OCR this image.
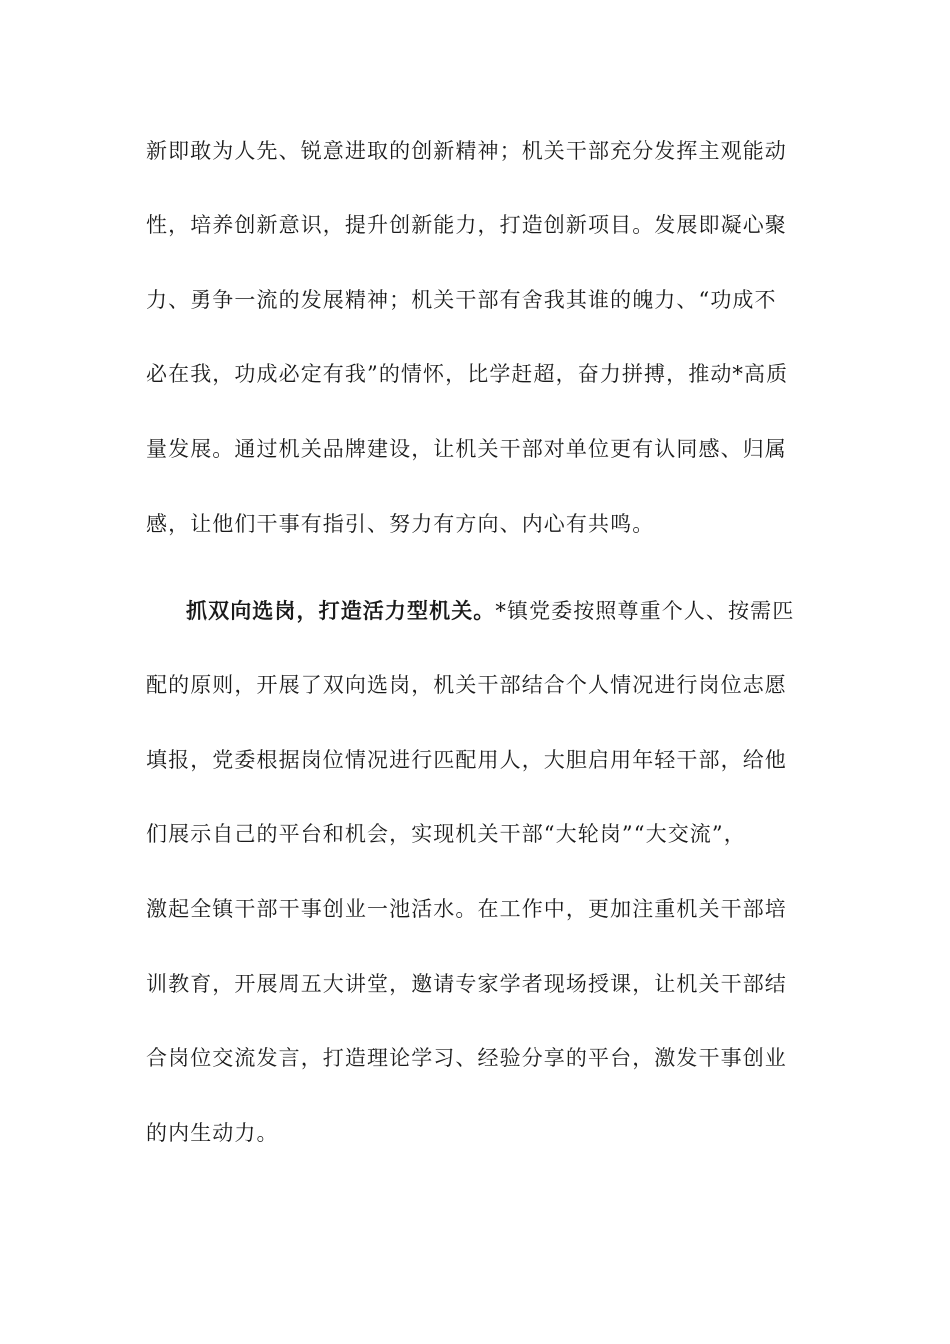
新即敢为人先、锐意进取的创新精神；机关干部充分发挥主观能动
性，培养创新意识，提升创新能力，打造创新项目。发展即凝心聚
力、勇争一流的发展精神；机关干部有舍我其谁的魄力、“功成不
必在我，功成必定有我”的情怀，比学赶超，奋力拼搏，推动*高质
量发展。通过机关品牌建设，让机关干部对单位更有认同感、归属
感，让他们干事有指引、努力有方向、内心有共鸣。
抓双向选岗，打造活力型机关。*镇党委按照尊重个人、按需匹
配的原则，开展了双向选岗，机关干部结合个人情况进行岗位志愿
填报，党委根据岗位情况进行匹配用人，大胆启用年轻干部，给他
们展示自己的平台和机会，实现机关干部“大轮岗”“大交流”，
激起全镇干部干事创业一池活水。在工作中，更加注重机关干部培
训教育，开展周五大讲堂，邀请专家学者现场授课，让机关干部结
合岗位交流发言，打造理论学习、经验分享的平台，激发干事创业
的内生动力。
